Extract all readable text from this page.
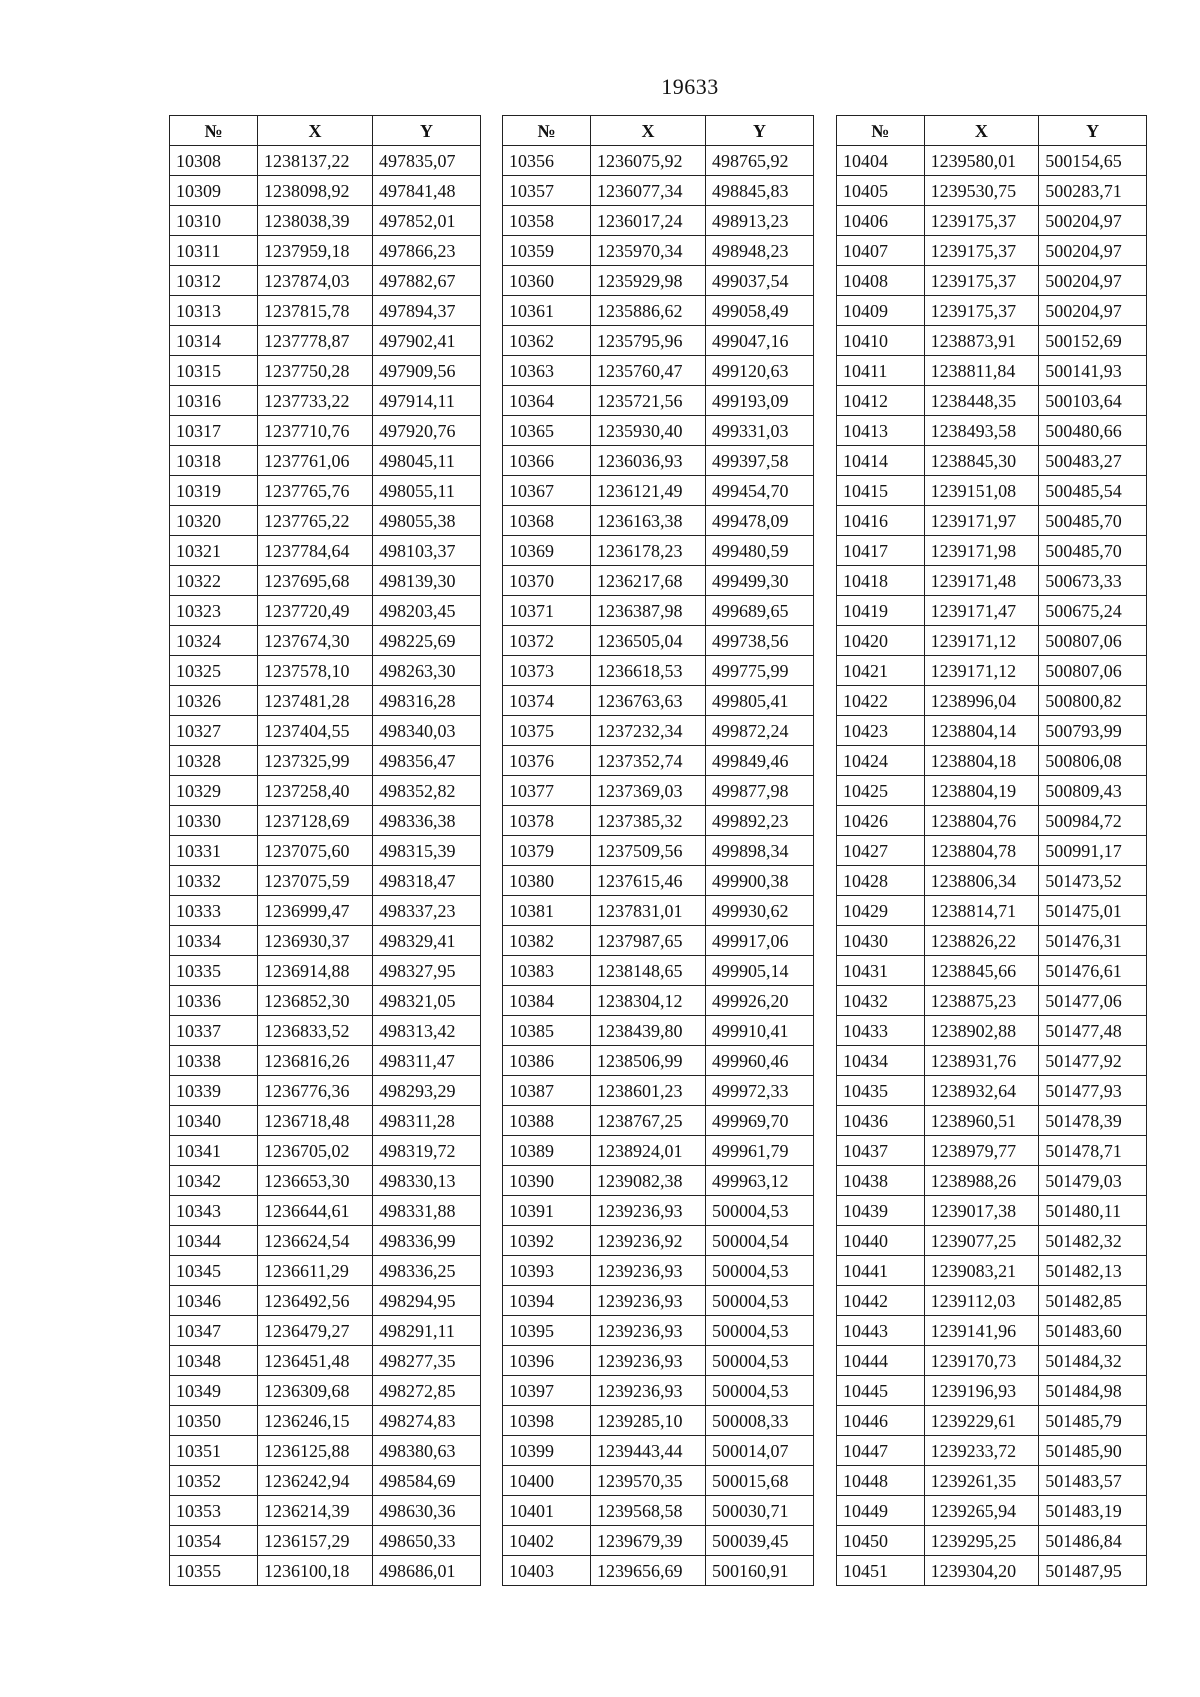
19633
№	X	Y
10308	1238137,22	497835,07
10309	1238098,92	497841,48
10310	1238038,39	497852,01
10311	1237959,18	497866,23
10312	1237874,03	497882,67
10313	1237815,78	497894,37
10314	1237778,87	497902,41
10315	1237750,28	497909,56
10316	1237733,22	497914,11
10317	1237710,76	497920,76
10318	1237761,06	498045,11
10319	1237765,76	498055,11
10320	1237765,22	498055,38
10321	1237784,64	498103,37
10322	1237695,68	498139,30
10323	1237720,49	498203,45
10324	1237674,30	498225,69
10325	1237578,10	498263,30
10326	1237481,28	498316,28
10327	1237404,55	498340,03
10328	1237325,99	498356,47
10329	1237258,40	498352,82
10330	1237128,69	498336,38
10331	1237075,60	498315,39
10332	1237075,59	498318,47
10333	1236999,47	498337,23
10334	1236930,37	498329,41
10335	1236914,88	498327,95
10336	1236852,30	498321,05
10337	1236833,52	498313,42
10338	1236816,26	498311,47
10339	1236776,36	498293,29
10340	1236718,48	498311,28
10341	1236705,02	498319,72
10342	1236653,30	498330,13
10343	1236644,61	498331,88
10344	1236624,54	498336,99
10345	1236611,29	498336,25
10346	1236492,56	498294,95
10347	1236479,27	498291,11
10348	1236451,48	498277,35
10349	1236309,68	498272,85
10350	1236246,15	498274,83
10351	1236125,88	498380,63
10352	1236242,94	498584,69
10353	1236214,39	498630,36
10354	1236157,29	498650,33
10355	1236100,18	498686,01
№	X	Y
10356	1236075,92	498765,92
10357	1236077,34	498845,83
10358	1236017,24	498913,23
10359	1235970,34	498948,23
10360	1235929,98	499037,54
10361	1235886,62	499058,49
10362	1235795,96	499047,16
10363	1235760,47	499120,63
10364	1235721,56	499193,09
10365	1235930,40	499331,03
10366	1236036,93	499397,58
10367	1236121,49	499454,70
10368	1236163,38	499478,09
10369	1236178,23	499480,59
10370	1236217,68	499499,30
10371	1236387,98	499689,65
10372	1236505,04	499738,56
10373	1236618,53	499775,99
10374	1236763,63	499805,41
10375	1237232,34	499872,24
10376	1237352,74	499849,46
10377	1237369,03	499877,98
10378	1237385,32	499892,23
10379	1237509,56	499898,34
10380	1237615,46	499900,38
10381	1237831,01	499930,62
10382	1237987,65	499917,06
10383	1238148,65	499905,14
10384	1238304,12	499926,20
10385	1238439,80	499910,41
10386	1238506,99	499960,46
10387	1238601,23	499972,33
10388	1238767,25	499969,70
10389	1238924,01	499961,79
10390	1239082,38	499963,12
10391	1239236,93	500004,53
10392	1239236,92	500004,54
10393	1239236,93	500004,53
10394	1239236,93	500004,53
10395	1239236,93	500004,53
10396	1239236,93	500004,53
10397	1239236,93	500004,53
10398	1239285,10	500008,33
10399	1239443,44	500014,07
10400	1239570,35	500015,68
10401	1239568,58	500030,71
10402	1239679,39	500039,45
10403	1239656,69	500160,91
№	X	Y
10404	1239580,01	500154,65
10405	1239530,75	500283,71
10406	1239175,37	500204,97
10407	1239175,37	500204,97
10408	1239175,37	500204,97
10409	1239175,37	500204,97
10410	1238873,91	500152,69
10411	1238811,84	500141,93
10412	1238448,35	500103,64
10413	1238493,58	500480,66
10414	1238845,30	500483,27
10415	1239151,08	500485,54
10416	1239171,97	500485,70
10417	1239171,98	500485,70
10418	1239171,48	500673,33
10419	1239171,47	500675,24
10420	1239171,12	500807,06
10421	1239171,12	500807,06
10422	1238996,04	500800,82
10423	1238804,14	500793,99
10424	1238804,18	500806,08
10425	1238804,19	500809,43
10426	1238804,76	500984,72
10427	1238804,78	500991,17
10428	1238806,34	501473,52
10429	1238814,71	501475,01
10430	1238826,22	501476,31
10431	1238845,66	501476,61
10432	1238875,23	501477,06
10433	1238902,88	501477,48
10434	1238931,76	501477,92
10435	1238932,64	501477,93
10436	1238960,51	501478,39
10437	1238979,77	501478,71
10438	1238988,26	501479,03
10439	1239017,38	501480,11
10440	1239077,25	501482,32
10441	1239083,21	501482,13
10442	1239112,03	501482,85
10443	1239141,96	501483,60
10444	1239170,73	501484,32
10445	1239196,93	501484,98
10446	1239229,61	501485,79
10447	1239233,72	501485,90
10448	1239261,35	501483,57
10449	1239265,94	501483,19
10450	1239295,25	501486,84
10451	1239304,20	501487,95
